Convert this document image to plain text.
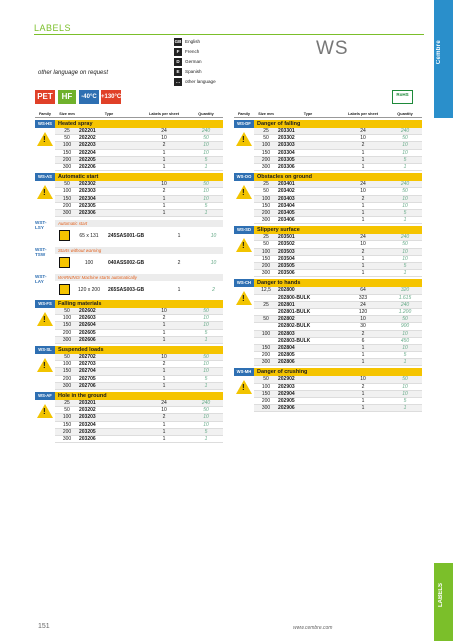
LABELS
GB English
F	French
D	German
E	Spanish
…	other language
WS	Cembre
other language on request
PET	HF	-40°C +130°C	RoHS
Family	Size mm	Type	Labels per sheet	Quantity
WS-HS
!	Heated spray
25	202201	24	240
50	202202	10	50
100	202203	2	10
150	202204	1	10
200	202205	1	5
300	202206	1	1
WS-AS
!	Automatic start
50	202302	10	50
100	202303	2	10
150	202304	1	10
200	202305	1	5
300	202306	1	1
WST-LSY
Automatic start
65 x 131	245SAS001-GB	1	10
WST-TSW
Starts without warning
100	040ASS002-GB	2	10
WST-LAY
WARNING! Machine starts automatically
120 x 200	265SAS003-GB	1	2
WS-FS
!	Falling materials
50	202602	10	50
100	202603	2	10
150	202604	1	10
200	202605	1	5
300	202606	1	1
WS-SL
!	Suspended loads
50	202702	10	50
100	202703	2	10
150	202704	1	10
200	202705	1	5
300	202706	1	1
WS-AF
!	Hole in the ground
25	203201	24	240
50	203202	10	50
100	203203	2	10
150	203204	1	10
200	203205	1	5
300	203206	1	1
Family	Size mm	Type	Labels per sheet	Quantity
WS-DF
!	Danger of falling
25	203301	24	240
50	203302	10	50
100	203303	2	10
150	203304	1	10
200	203305	1	5
300	203306	1	1
WS-OO
!	Obstacles on ground
25	203401	24	240
50	203402	10	50
100	203403	2	10
150	203404	1	10
200	203405	1	5
300	203406	1	1
WS-SD
!	Slippery surface
25	203501	24	240
50	203502	10	50
100	203503	2	10
150	203504	1	10
200	203505	1	5
300	203506	1	1
WS-CH
!	Danger to hands
12,5	202800	64	320
202800-BULK	323	1.615
25	202801	24	240
202801-BULK	120	1.200
50	202802	10	50
202802-BULK	30	900
100	202803	2	10
202803-BULK	6	450
150	202804	1	10
200	202805	1	5
300	202806	1	1
WS-MH
!	Danger of crushing
50	202902	10	50
100	202903	2	10
150	202904	1	10
200	202905	1	5
300	202906	1	1
151	www.cembre.com
LABELS
